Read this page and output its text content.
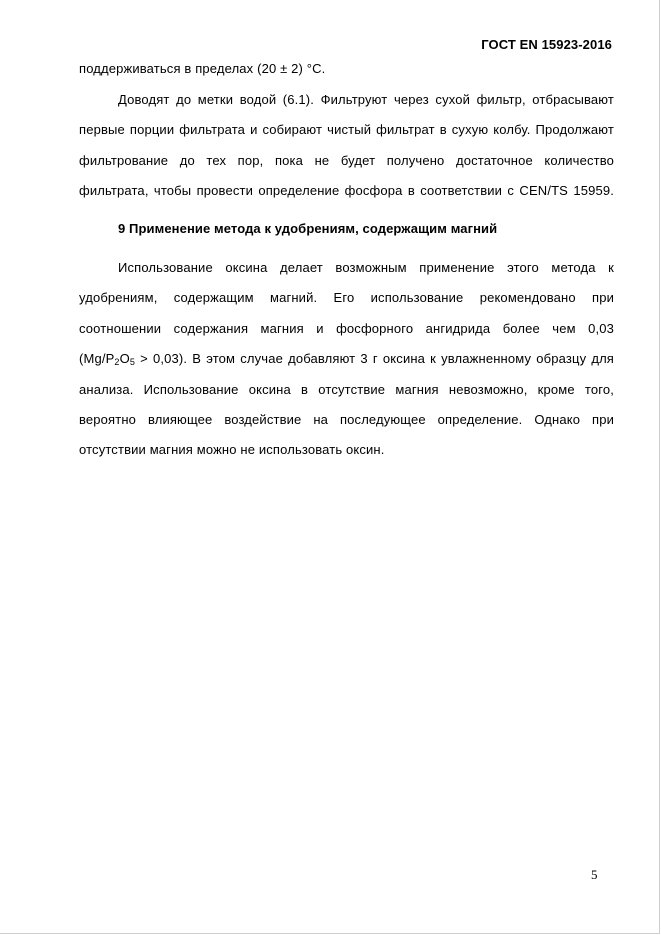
ГОСТ EN 15923-2016
поддерживаться в пределах (20 ± 2) °С.
Доводят до метки водой (6.1). Фильтруют через сухой фильтр, отбрасывают
первые порции фильтрата и собирают чистый фильтрат в сухую колбу. Продолжают
фильтрование до тех пор, пока не будет получено достаточное количество
фильтрата, чтобы провести определение фосфора в соответствии с CEN/TS 15959.
9 Применение метода к удобрениям, содержащим магний
Использование оксина делает возможным применение этого метода к
удобрениям, содержащим магний. Его использование рекомендовано при
соотношении содержания магния и фосфорного ангидрида более чем 0,03
$(Mg/P_2O_5 > 0,03)$. В этом случае добавляют 3 г оксина к увлажненному образцу для
анализа. Использование оксина в отсутствие магния невозможно, кроме того,
вероятно влияющее воздействие на последующее определение. Однако при
отсутствии магния можно не использовать оксин.
5
